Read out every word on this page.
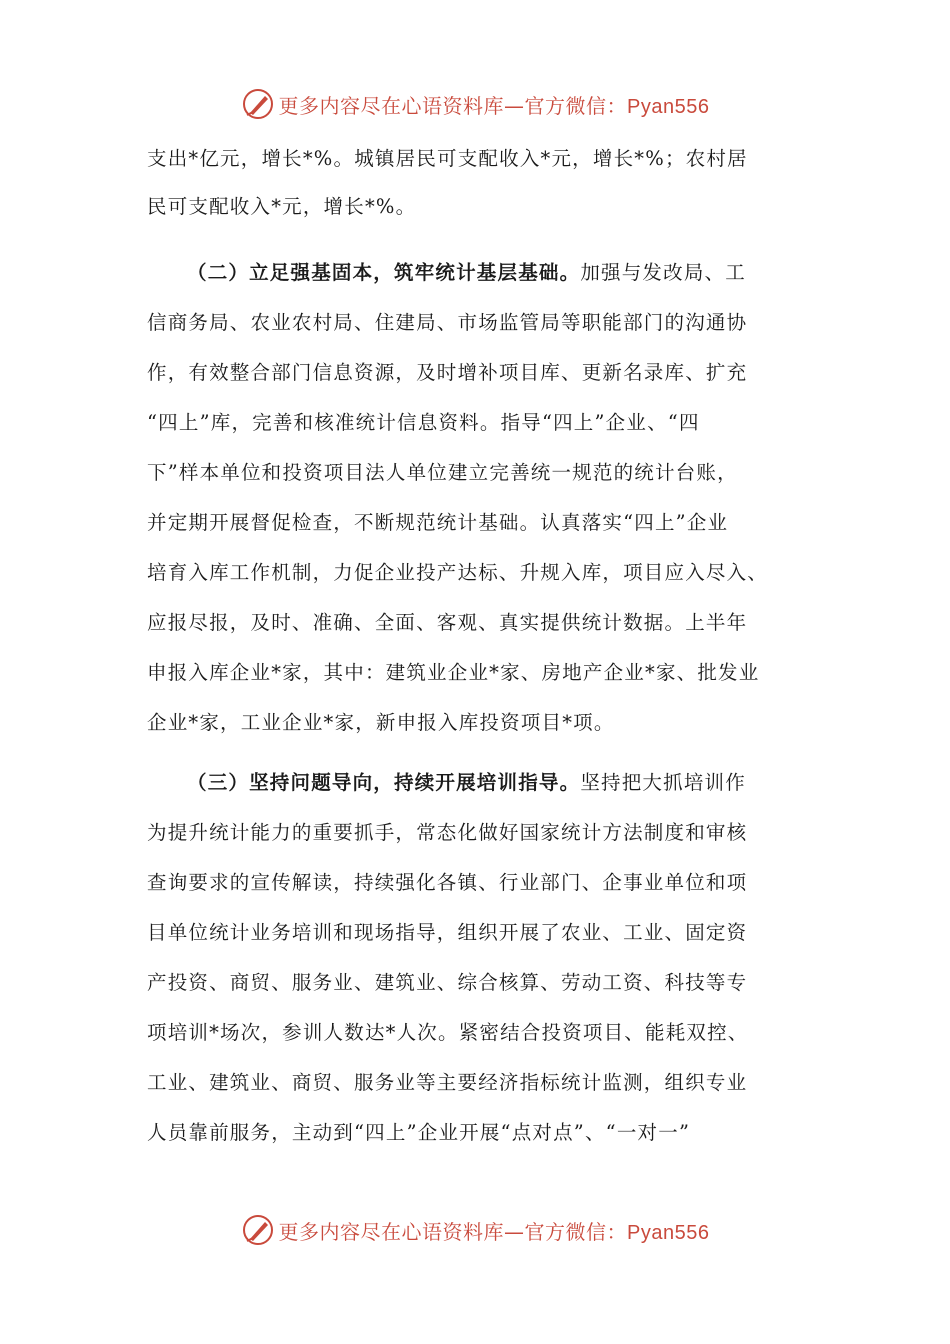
更多内容尽在心语资料库—官方微信：Pyan556

支出*亿元，增长*%。城镇居民可支配收入*元，增长*%；农村居

民可支配收入*元，增长*%。

（二）立足强基固本，筑牢统计基层基础。加强与发改局、工

信商务局、农业农村局、住建局、市场监管局等职能部门的沟通协

作，有效整合部门信息资源，及时增补项目库、更新名录库、扩充

“四上”库，完善和核准统计信息资料。指导“四上”企业、“四

下”样本单位和投资项目法人单位建立完善统一规范的统计台账，

并定期开展督促检查，不断规范统计基础。认真落实“四上”企业

培育入库工作机制，力促企业投产达标、升规入库，项目应入尽入、

应报尽报，及时、准确、全面、客观、真实提供统计数据。上半年

申报入库企业*家，其中：建筑业企业*家、房地产企业*家、批发业

企业*家，工业企业*家，新申报入库投资项目*项。

（三）坚持问题导向，持续开展培训指导。坚持把大抓培训作

为提升统计能力的重要抓手，常态化做好国家统计方法制度和审核

查询要求的宣传解读，持续强化各镇、行业部门、企事业单位和项

目单位统计业务培训和现场指导，组织开展了农业、工业、固定资

产投资、商贸、服务业、建筑业、综合核算、劳动工资、科技等专

项培训*场次，参训人数达*人次。紧密结合投资项目、能耗双控、

工业、建筑业、商贸、服务业等主要经济指标统计监测，组织专业

人员靠前服务，主动到“四上”企业开展“点对点”、“一对一”

更多内容尽在心语资料库—官方微信：Pyan556
